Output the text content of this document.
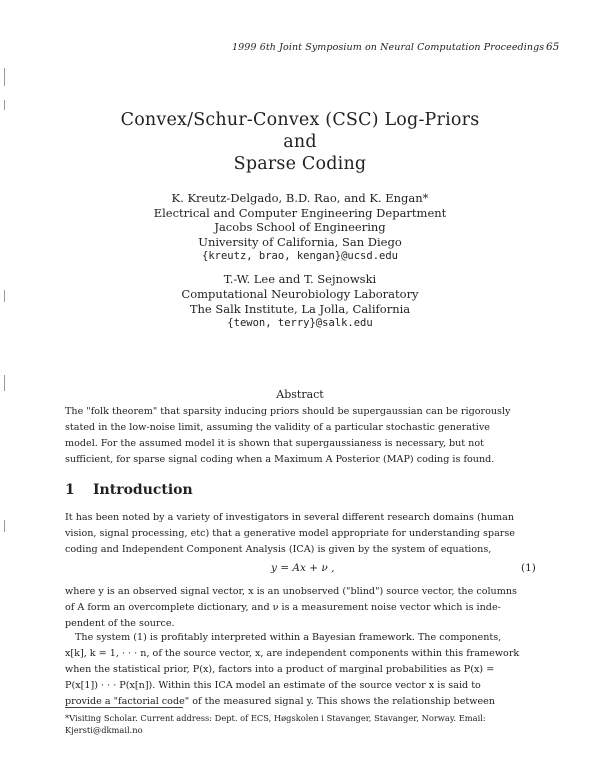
1999 6th Joint Symposium on Neural Computation Proceedings 65
Convex/Schur-Convex (CSC) Log-Priors
and
Sparse Coding
K. Kreutz-Delgado, B.D. Rao, and K. Engan*
Electrical and Computer Engineering Department
Jacobs School of Engineering
University of California, San Diego
{kreutz, brao, kengan}@ucsd.edu
T.-W. Lee and T. Sejnowski
Computational Neurobiology Laboratory
The Salk Institute, La Jolla, California
{tewon, terry}@salk.edu
Abstract
The "folk theorem" that sparsity inducing priors should be supergaussian can be rigorously
stated in the low-noise limit, assuming the validity of a particular stochastic generative
model. For the assumed model it is shown that supergaussianess is necessary, but not
sufficient, for sparse signal coding when a Maximum A Posterior (MAP) coding is found.
1 Introduction
It has been noted by a variety of investigators in several different research domains (human
vision, signal processing, etc) that a generative model appropriate for understanding sparse
coding and Independent Component Analysis (ICA) is given by the system of equations,
y = Ax + ν ,	(1)
where y is an observed signal vector, x is an unobserved ("blind") source vector, the columns
of A form an overcomplete dictionary, and ν is a measurement noise vector which is inde-
pendent of the source.
The system (1) is profitably interpreted within a Bayesian framework. The components,
x[k], k = 1, · · · n, of the source vector, x, are independent components within this framework
when the statistical prior, P(x), factors into a product of marginal probabilities as P(x) =
P(x[1]) · · · P(x[n]). Within this ICA model an estimate of the source vector x is said to
provide a "factorial code" of the measured signal y. This shows the relationship between
*Visiting Scholar. Current address: Dept. of ECS, Høgskolen i Stavanger, Stavanger, Norway. Email:
Kjersti@dkmail.no
